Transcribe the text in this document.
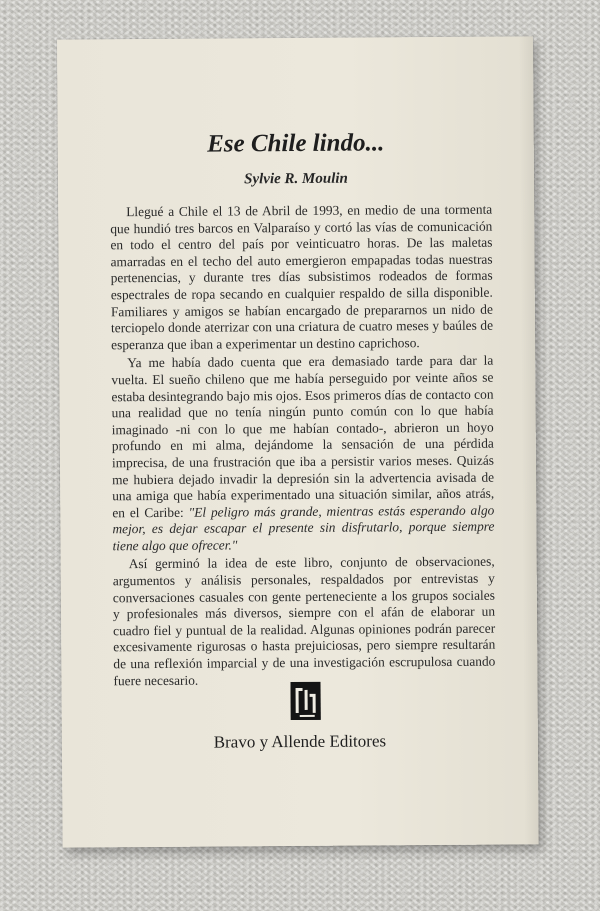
Ese Chile lindo...
Sylvie R. Moulin

Llegué a Chile el 13 de Abril de 1993, en medio de una tormenta que hundió tres barcos en Valparaíso y cortó las vías de comunicación en todo el centro del país por veinticuatro horas. De las maletas amarradas en el techo del auto emergieron empapadas todas nuestras pertenencias, y durante tres días subsistimos rodeados de formas espectrales de ropa secando en cualquier respaldo de silla disponible. Familiares y amigos se habían encargado de prepararnos un nido de terciopelo donde aterrizar con una criatura de cuatro meses y baúles de esperanza que iban a experimentar un destino caprichoso.

Ya me había dado cuenta que era demasiado tarde para dar la vuelta. El sueño chileno que me había perseguido por veinte años se estaba desintegrando bajo mis ojos. Esos primeros días de contacto con una realidad que no tenía ningún punto común con lo que había imaginado -ni con lo que me habían contado-, abrieron un hoyo profundo en mi alma, dejándome la sensación de una pérdida imprecisa, de una frustración que iba a persistir varios meses. Quizás me hubiera dejado invadir la depresión sin la advertencia avisada de una amiga que había experimentado una situación similar, años atrás, en el Caribe: "El peligro más grande, mientras estás esperando algo mejor, es dejar escapar el presente sin disfrutarlo, porque siempre tiene algo que ofrecer."

Así germinó la idea de este libro, conjunto de observaciones, argumentos y análisis personales, respaldados por entrevistas y conversaciones casuales con gente perteneciente a los grupos sociales y profesionales más diversos, siempre con el afán de elaborar un cuadro fiel y puntual de la realidad. Algunas opiniones podrán parecer excesivamente rigurosas o hasta prejuiciosas, pero siempre resultarán de una reflexión imparcial y de una investigación escrupulosa cuando fuere necesario.

Bravo y Allende Editores
